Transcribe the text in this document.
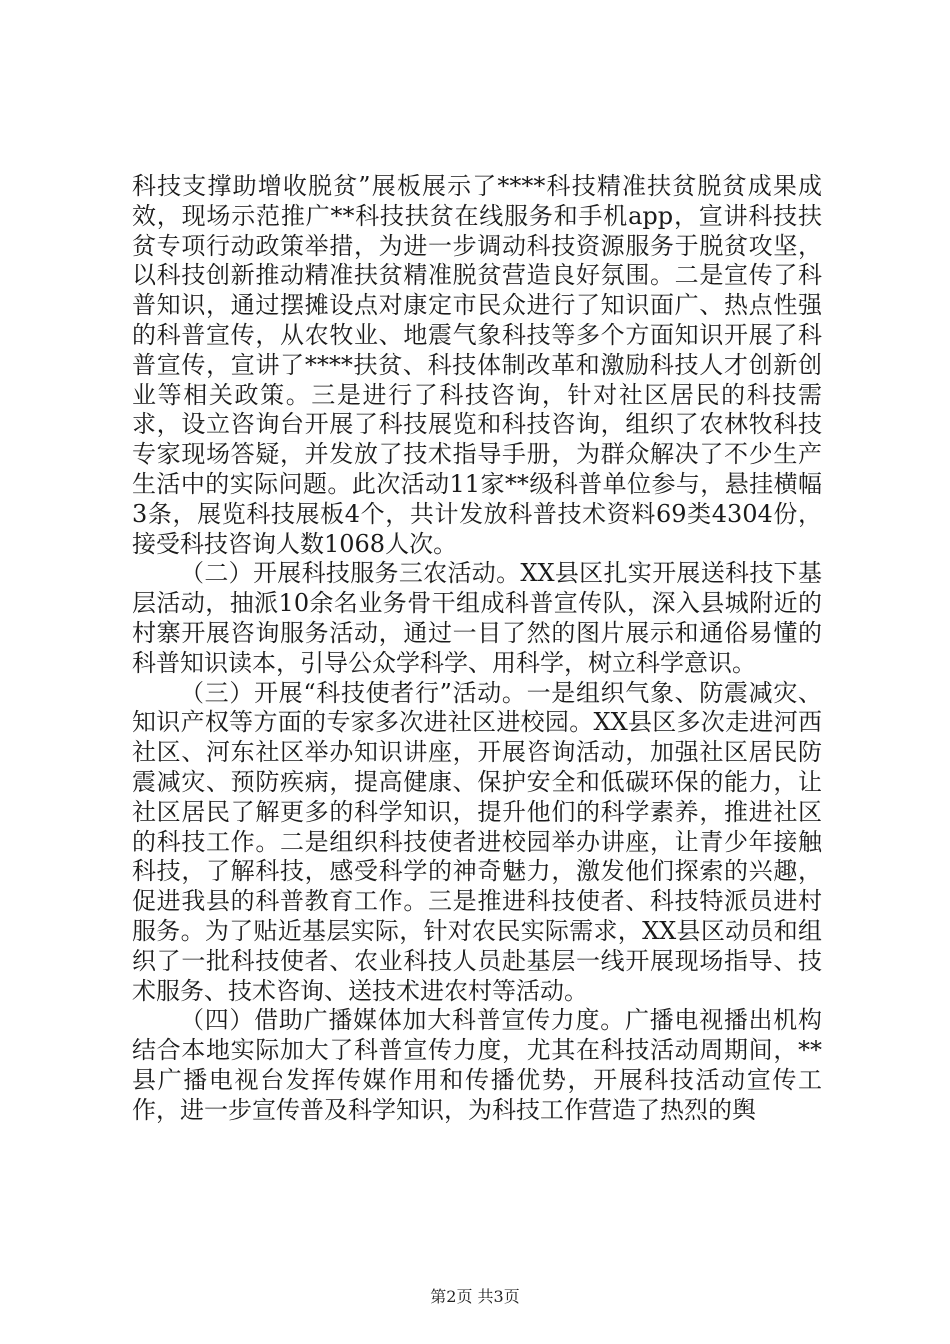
科技支撑助增收脱贫”展板展示了****科技精准扶贫脱贫成果成效，现场示范推广**科技扶贫在线服务和手机app，宣讲科技扶贫专项行动政策举措，为进一步调动科技资源服务于脱贫攻坚，以科技创新推动精准扶贫精准脱贫营造良好氛围。二是宣传了科普知识，通过摆摊设点对康定市民众进行了知识面广、热点性强的科普宣传，从农牧业、地震气象科技等多个方面知识开展了科普宣传，宣讲了****扶贫、科技体制改革和激励科技人才创新创业等相关政策。三是进行了科技咨询，针对社区居民的科技需求，设立咨询台开展了科技展览和科技咨询，组织了农林牧科技专家现场答疑，并发放了技术指导手册，为群众解决了不少生产生活中的实际问题。此次活动11家**级科普单位参与，悬挂横幅3条，展览科技展板4个，共计发放科普技术资料69类4304份，接受科技咨询人数1068人次。

（二）开展科技服务三农活动。XX县区扎实开展送科技下基层活动，抽派10余名业务骨干组成科普宣传队，深入县城附近的村寨开展咨询服务活动，通过一目了然的图片展示和通俗易懂的科普知识读本，引导公众学科学、用科学，树立科学意识。

（三）开展“科技使者行”活动。一是组织气象、防震减灾、知识产权等方面的专家多次进社区进校园。XX县区多次走进河西社区、河东社区举办知识讲座，开展咨询活动，加强社区居民防震减灾、预防疾病，提高健康、保护安全和低碳环保的能力，让社区居民了解更多的科学知识，提升他们的科学素养，推进社区的科技工作。二是组织科技使者进校园举办讲座，让青少年接触科技，了解科技，感受科学的神奇魅力，激发他们探索的兴趣，促进我县的科普教育工作。三是推进科技使者、科技特派员进村服务。为了贴近基层实际，针对农民实际需求，XX县区动员和组织了一批科技使者、农业科技人员赴基层一线开展现场指导、技术服务、技术咨询、送技术进农村等活动。

（四）借助广播媒体加大科普宣传力度。广播电视播出机构结合本地实际加大了科普宣传力度，尤其在科技活动周期间，**县广播电视台发挥传媒作用和传播优势，开展科技活动宣传工作，进一步宣传普及科学知识，为科技工作营造了热烈的舆

第2页 共3页
